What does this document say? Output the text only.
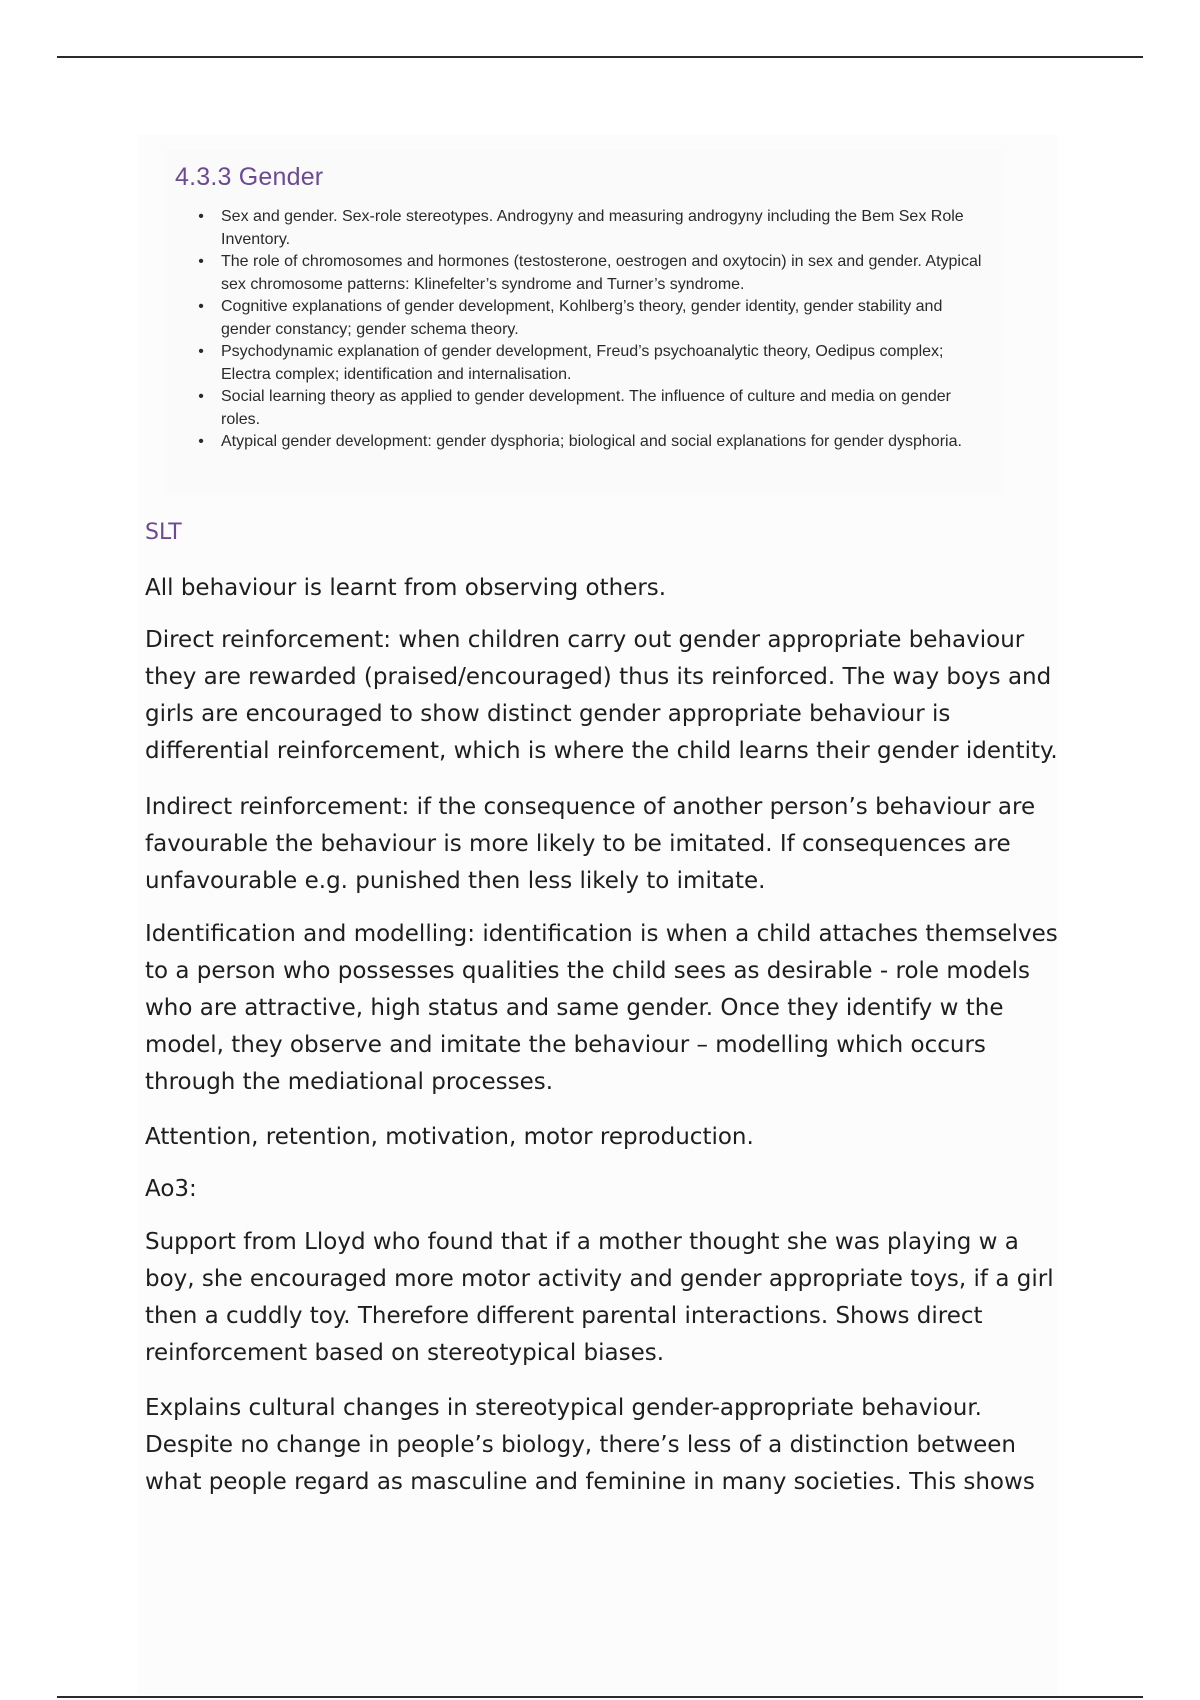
4.3.3 Gender
• Sex and gender. Sex-role stereotypes. Androgyny and measuring androgyny including the Bem Sex Role Inventory.
• The role of chromosomes and hormones (testosterone, oestrogen and oxytocin) in sex and gender. Atypical sex chromosome patterns: Klinefelter’s syndrome and Turner’s syndrome.
• Cognitive explanations of gender development, Kohlberg’s theory, gender identity, gender stability and gender constancy; gender schema theory.
• Psychodynamic explanation of gender development, Freud’s psychoanalytic theory, Oedipus complex; Electra complex; identification and internalisation.
• Social learning theory as applied to gender development. The influence of culture and media on gender roles.
• Atypical gender development: gender dysphoria; biological and social explanations for gender dysphoria.
SLT

All behaviour is learnt from observing others.

Direct reinforcement: when children carry out gender appropriate behaviour they are rewarded (praised/encouraged) thus its reinforced. The way boys and girls are encouraged to show distinct gender appropriate behaviour is differential reinforcement, which is where the child learns their gender identity.

Indirect reinforcement: if the consequence of another person’s behaviour are favourable the behaviour is more likely to be imitated. If consequences are unfavourable e.g. punished then less likely to imitate.

Identification and modelling: identification is when a child attaches themselves to a person who possesses qualities the child sees as desirable - role models who are attractive, high status and same gender. Once they identify w the model, they observe and imitate the behaviour – modelling which occurs through the mediational processes.

Attention, retention, motivation, motor reproduction.

Ao3:

Support from Lloyd who found that if a mother thought she was playing w a boy, she encouraged more motor activity and gender appropriate toys, if a girl then a cuddly toy. Therefore different parental interactions. Shows direct reinforcement based on stereotypical biases.

Explains cultural changes in stereotypical gender-appropriate behaviour. Despite no change in people’s biology, there’s less of a distinction between what people regard as masculine and feminine in many societies. This shows
